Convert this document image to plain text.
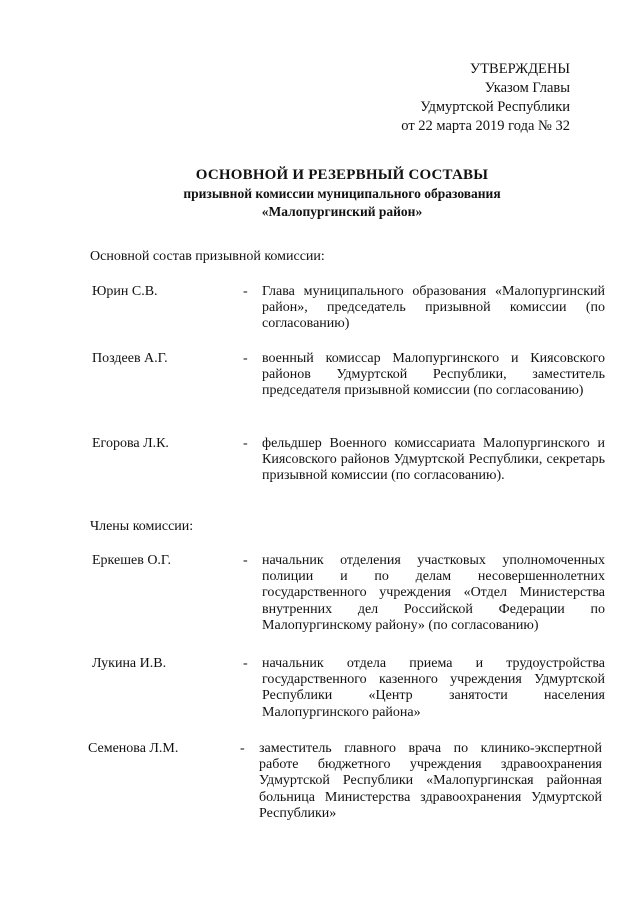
УТВЕРЖДЕНЫ
Указом Главы
Удмуртской Республики
от 22 марта 2019 года № 32
ОСНОВНОЙ И РЕЗЕРВНЫЙ СОСТАВЫ
призывной комиссии муниципального образования
«Малопургинский район»
Основной состав призывной комиссии:
Юрин С.В.	- Глава муниципального образования «Малопургинский район», председатель призывной комиссии (по согласованию)
Поздеев А.Г.	- военный комиссар Малопургинского и Киясовского районов Удмуртской Республики, заместитель председателя призывной комиссии (по согласованию)
Егорова Л.К.	- фельдшер Военного комиссариата Малопургинского и Киясовского районов Удмуртской Республики, секретарь призывной комиссии (по согласованию).
Члены комиссии:
Еркешев О.Г.	- начальник отделения участковых уполномоченных полиции и по делам несовершеннолетних государственного учреждения «Отдел Министерства внутренних дел Российской Федерации по Малопургинскому району» (по согласованию)
Лукина И.В.	- начальник отдела приема и трудоустройства государственного казенного учреждения Удмуртской Республики «Центр занятости населения Малопургинского района»
Семенова Л.М.	- заместитель главного врача по клинико-экспертной работе бюджетного учреждения здравоохранения Удмуртской Республики «Малопургинская районная больница Министерства здравоохранения Удмуртской Республики»
